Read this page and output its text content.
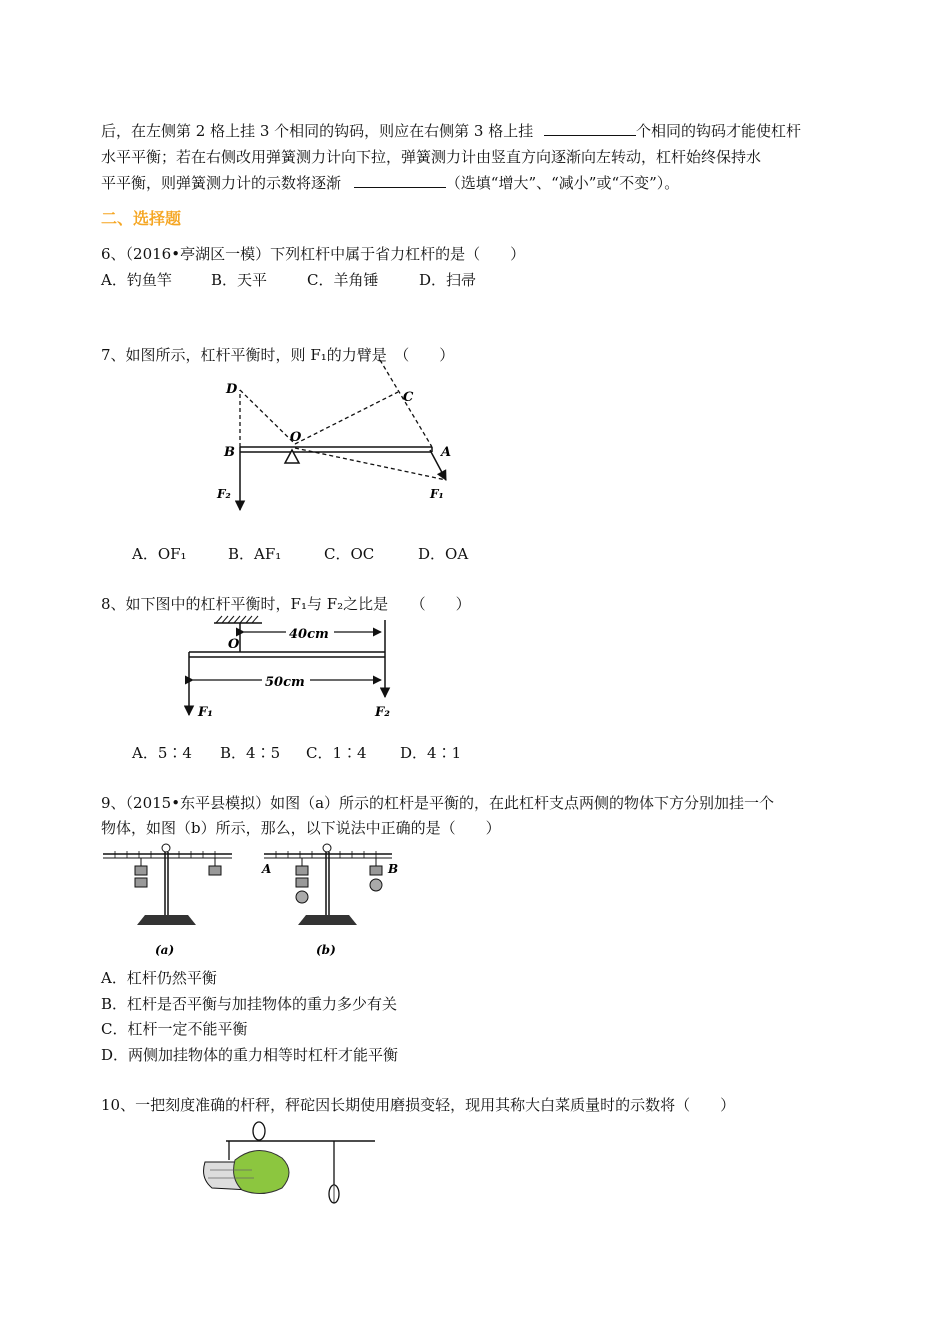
后，在左侧第 2 格上挂 3 个相同的钩码，则应在右侧第 3 格上挂	个相同的钩码才能使杠杆
水平平衡；若在右侧改用弹簧测力计向下拉，弹簧测力计由竖直方向逐渐向左转动，杠杆始终保持水
平平衡，则弹簧测力计的示数将逐渐	（选填“增大”、“减小”或“不变”）。
二、选择题
6、（2016•亭湖区一模）下列杠杆中属于省力杠杆的是（　　）
A．钓鱼竿	B．天平	C．羊角锤	D．扫帚
7、如图所示，杠杆平衡时，则 F₁的力臂是　（　　）
D
C
B
O
A
F₂	F₁
A．OF₁	B．AF₁	C．OC	D．OA
8、如下图中的杠杆平衡时，F₁与 F₂之比是　　（　　）
40cm
50cm
O
F₁	F₂
A．5∶4 B．4∶5 C．1∶4 D．4∶1
9、（2015•东平县模拟）如图（a）所示的杠杆是平衡的，在此杠杆支点两侧的物体下方分别加挂一个
物体，如图（b）所示，那么，以下说法中正确的是（　　）
(a)
A	B
(b)
A．杠杆仍然平衡
B．杠杆是否平衡与加挂物体的重力多少有关
C．杠杆一定不能平衡
D．两侧加挂物体的重力相等时杠杆才能平衡
10、一把刻度准确的杆秤，秤砣因长期使用磨损变轻，现用其称大白菜质量时的示数将（　　）
